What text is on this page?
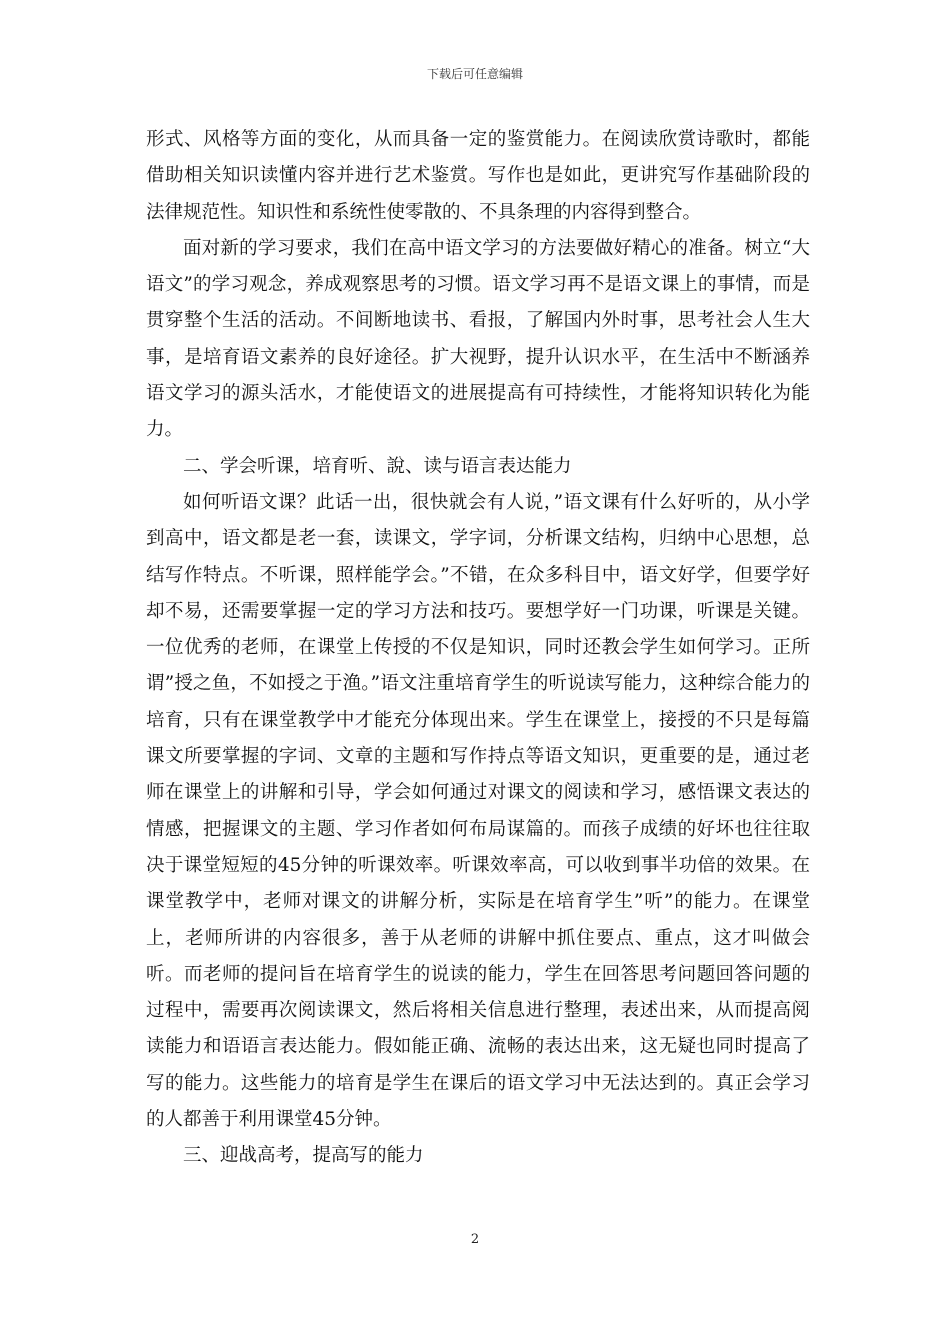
下载后可任意编辑

形式、风格等方面的变化，从而具备一定的鉴赏能力。在阅读欣赏诗歌时，都能借助相关知识读懂内容并进行艺术鉴赏。写作也是如此，更讲究写作基础阶段的法律规范性。知识性和系统性使零散的、不具条理的内容得到整合。

面对新的学习要求，我们在高中语文学习的方法要做好精心的准备。树立“大语文”的学习观念，养成观察思考的习惯。语文学习再不是语文课上的事情，而是贯穿整个生活的活动。不间断地读书、看报，了解国内外时事，思考社会人生大事，是培育语文素养的良好途径。扩大视野，提升认识水平，在生活中不断涵养语文学习的源头活水，才能使语文的进展提高有可持续性，才能将知识转化为能力。

二、学会听课，培育听、說、读与语言表达能力

如何听语文课？此话一出，很快就会有人说，”语文课有什么好听的，从小学到高中，语文都是老一套，读课文，学字词，分析课文结构，归纳中心思想，总结写作特点。不听课，照样能学会。”不错，在众多科目中，语文好学，但要学好却不易，还需要掌握一定的学习方法和技巧。要想学好一门功课，听课是关键。一位优秀的老师，在课堂上传授的不仅是知识，同时还教会学生如何学习。正所谓”授之鱼，不如授之于渔。”语文注重培育学生的听说读写能力，这种综合能力的培育，只有在课堂教学中才能充分体现出来。学生在课堂上，接授的不只是每篇课文所要掌握的字词、文章的主题和写作持点等语文知识，更重要的是，通过老师在课堂上的讲解和引导，学会如何通过对课文的阅读和学习，感悟课文表达的情感，把握课文的主题、学习作者如何布局谋篇的。而孩子成绩的好坏也往往取决于课堂短短的45分钟的听课效率。听课效率高，可以收到事半功倍的效果。在课堂教学中，老师对课文的讲解分析，实际是在培育学生”听”的能力。在课堂上，老师所讲的内容很多，善于从老师的讲解中抓住要点、重点，这才叫做会听。而老师的提问旨在培育学生的说读的能力，学生在回答思考问题回答问题的过程中，需要再次阅读课文，然后将相关信息进行整理，表述出来，从而提高阅读能力和语语言表达能力。假如能正确、流畅的表达出来，这无疑也同时提高了写的能力。这些能力的培育是学生在课后的语文学习中无法达到的。真正会学习的人都善于利用课堂45分钟。

三、迎战高考，提高写的能力

2
